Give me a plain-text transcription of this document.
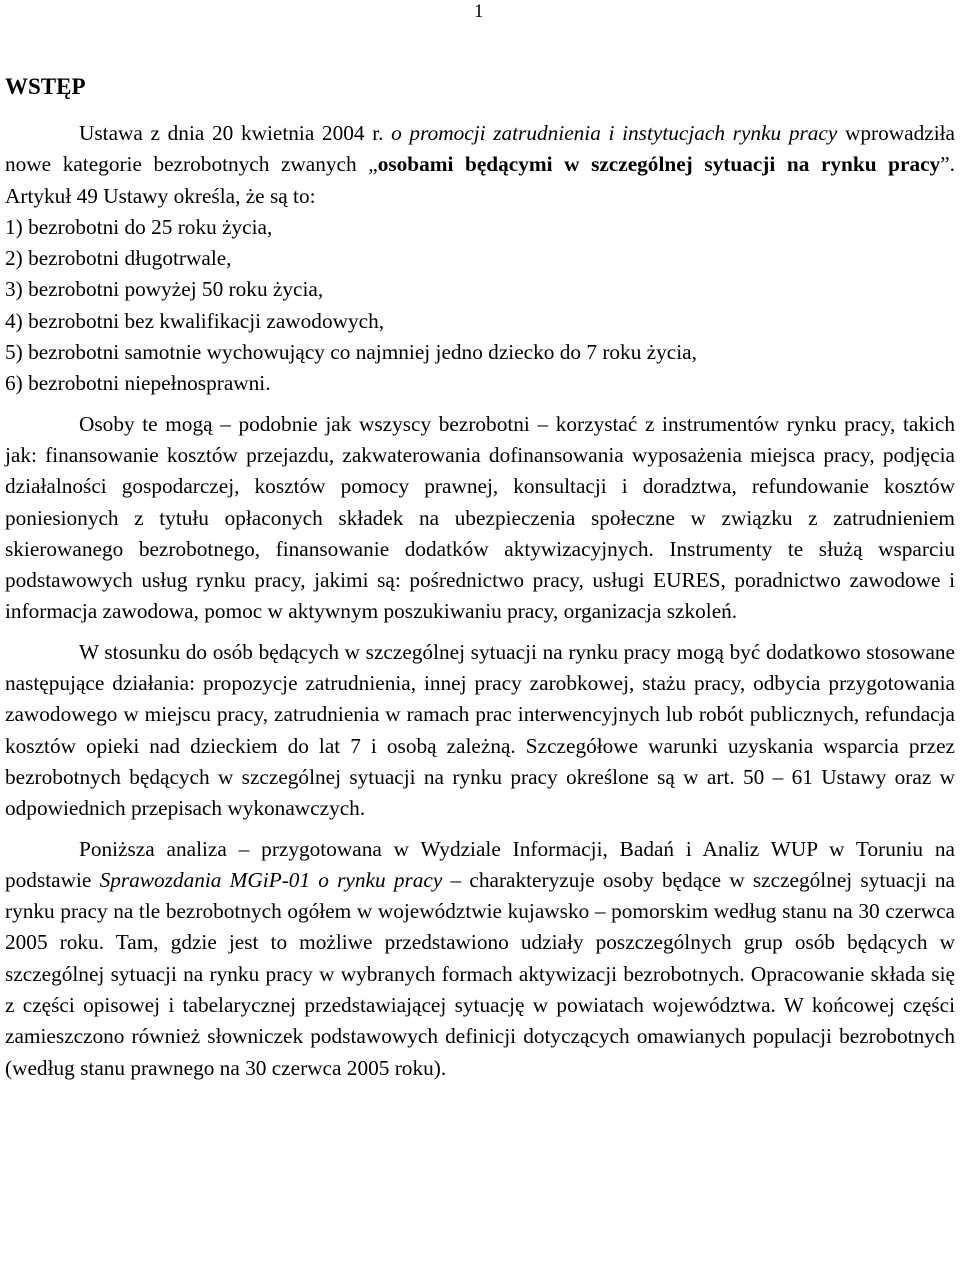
1
WSTĘP

Ustawa z dnia 20 kwietnia 2004 r. o promocji zatrudnienia i instytucjach rynku pracy wprowadziła nowe kategorie bezrobotnych zwanych „osobami będącymi w szczególnej sytuacji na rynku pracy”. Artykuł 49 Ustawy określa, że są to:

1) bezrobotni do 25 roku życia,
2) bezrobotni długotrwale,
3) bezrobotni powyżej 50 roku życia,
4) bezrobotni bez kwalifikacji zawodowych,
5) bezrobotni samotnie wychowujący co najmniej jedno dziecko do 7 roku życia,
6) bezrobotni niepełnosprawni.

Osoby te mogą – podobnie jak wszyscy bezrobotni – korzystać z instrumentów rynku pracy, takich jak: finansowanie kosztów przejazdu, zakwaterowania dofinansowania wyposażenia miejsca pracy, podjęcia działalności gospodarczej, kosztów pomocy prawnej, konsultacji i doradztwa, refundowanie kosztów poniesionych z tytułu opłaconych składek na ubezpieczenia społeczne w związku z zatrudnieniem skierowanego bezrobotnego, finansowanie dodatków aktywizacyjnych. Instrumenty te służą wsparciu podstawowych usług rynku pracy, jakimi są: pośrednictwo pracy, usługi EURES, poradnictwo zawodowe i informacja zawodowa, pomoc w aktywnym poszukiwaniu pracy, organizacja szkoleń.

W stosunku do osób będących w szczególnej sytuacji na rynku pracy mogą być dodatkowo stosowane następujące działania: propozycje zatrudnienia, innej pracy zarobkowej, stażu pracy, odbycia przygotowania zawodowego w miejscu pracy, zatrudnienia w ramach prac interwencyjnych lub robót publicznych, refundacja kosztów opieki nad dzieckiem do lat 7 i osobą zależną. Szczegółowe warunki uzyskania wsparcia przez bezrobotnych będących w szczególnej sytuacji na rynku pracy określone są w art. 50 – 61 Ustawy oraz w odpowiednich przepisach wykonawczych.

Poniższa analiza – przygotowana w Wydziale Informacji, Badań i Analiz WUP w Toruniu na podstawie Sprawozdania MGiP-01 o rynku pracy – charakteryzuje osoby będące w szczególnej sytuacji na rynku pracy na tle bezrobotnych ogółem w województwie kujawsko – pomorskim według stanu na 30 czerwca 2005 roku. Tam, gdzie jest to możliwe przedstawiono udziały poszczególnych grup osób będących w szczególnej sytuacji na rynku pracy w wybranych formach aktywizacji bezrobotnych. Opracowanie składa się z części opisowej i tabelarycznej przedstawiającej sytuację w powiatach województwa. W końcowej części zamieszczono również słowniczek podstawowych definicji dotyczących omawianych populacji bezrobotnych (według stanu prawnego na 30 czerwca 2005 roku).
